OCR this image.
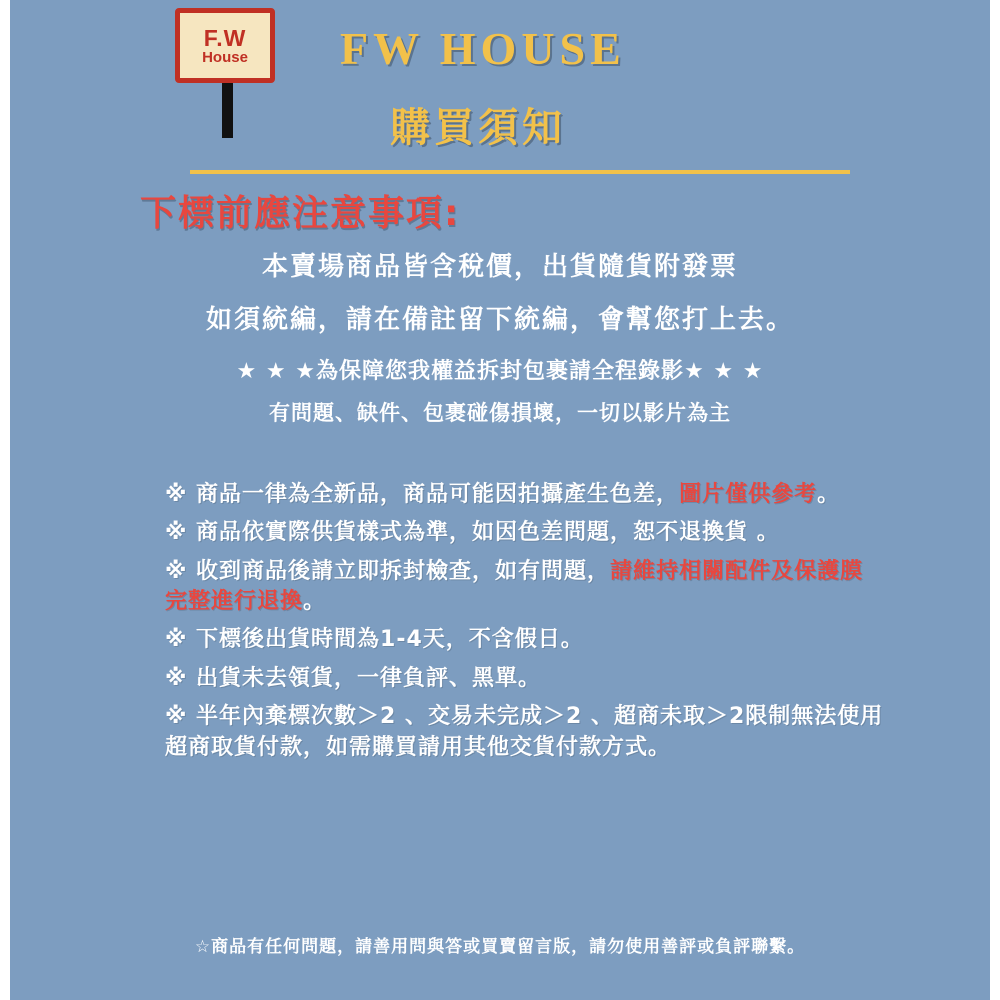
F.W
House FW HOUSE
購買須知
下標前應注意事項:
本賣場商品皆含稅價，出貨隨貨附發票
如須統編，請在備註留下統編，會幫您打上去。
★ ★ ★為保障您我權益拆封包裹請全程錄影★ ★ ★
有問題、缺件、包裹碰傷損壞，一切以影片為主
※ 商品一律為全新品，商品可能因拍攝產生色差，圖片僅供參考。
※ 商品依實際供貨樣式為準，如因色差問題，恕不退換貨 。
※ 收到商品後請立即拆封檢查，如有問題，請維持相關配件及保護膜完整進行退換。
※ 下標後出貨時間為1-4天，不含假日。
※ 出貨未去領貨，一律負評、黑單。
※ 半年內棄標次數＞2 、交易未完成＞2 、超商未取＞2限制無法使用超商取貨付款，如需購買請用其他交貨付款方式。
☆商品有任何問題，請善用問與答或買賣留言版，請勿使用善評或負評聯繫。
